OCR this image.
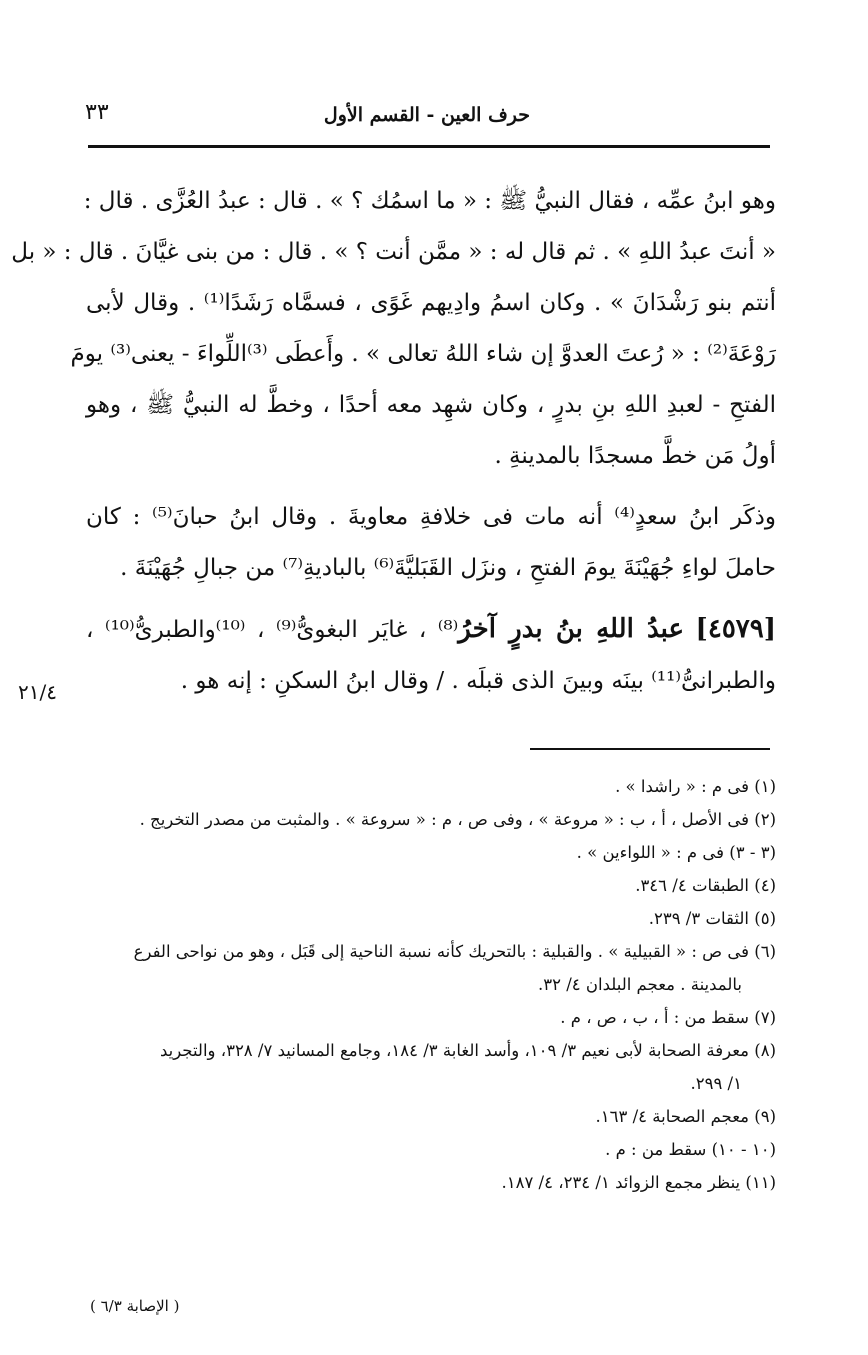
حرف العين - القسم الأول
٣٣
وهو ابنُ عمِّه ، فقال النبيُّ ﷺ : « ما اسمُك ؟ » . قال : عبدُ العُزَّى . قال :
« أنتَ عبدُ اللهِ » . ثم قال له : « ممَّن أنت ؟ » . قال : من بنى غيَّانَ . قال : « بل
أنتم بنو رَشْدَانَ » . وكان اسمُ وادِيهم غَوًى ، فسمَّاه رَشَدًا⁽¹⁾ . وقال لأبى
رَوْعَةَ⁽²⁾ : « رُعتَ العدوَّ إن شاء اللهُ تعالى » . وأَعطَى ⁽³⁾اللِّواءَ - يعنى⁽³⁾ يومَ
الفتحِ - لعبدِ اللهِ بنِ بدرٍ ، وكان شهِد معه أحدًا ، وخطَّ له النبيُّ ﷺ ، وهو
أولُ مَن خطَّ مسجدًا بالمدينةِ .
وذكَر ابنُ سعدٍ⁽⁴⁾ أنه مات فى خلافةِ معاويةَ . وقال ابنُ حبانَ⁽⁵⁾ : كان
حاملَ لواءِ جُهَيْنَةَ يومَ الفتحِ ، ونزَل القَبَليَّةَ⁽⁶⁾ بالباديةِ⁽⁷⁾ من جبالِ جُهَيْنَةَ .
[٤٥٧٩] عبدُ اللهِ بنُ بدرٍ آخرُ⁽⁸⁾ ، غايَر البغوىُّ⁽⁹⁾ ، ⁽¹⁰⁾والطبرىُّ⁽¹⁰⁾ ،
والطبرانىُّ⁽¹¹⁾ بينَه وبينَ الذى قبلَه . / وقال ابنُ السكنِ : إنه هو .
٢١/٤
(١) فى م : « راشدا » .
(٢) فى الأصل ، أ ، ب : « مروعة » ، وفى ص ، م : « سروعة » . والمثبت من مصدر التخريج .
(٣ - ٣) فى م : « اللواءين » .
(٤) الطبقات ٤/ ٣٤٦.
(٥) الثقات ٣/ ٢٣٩.
(٦) فى ص : « القبيلية » . والقبلية : بالتحريك كأنه نسبة الناحية إلى قَبَل ، وهو من نواحى الفرع
بالمدينة . معجم البلدان ٤/ ٣٢.
(٧) سقط من : أ ، ب ، ص ، م .
(٨) معرفة الصحابة لأبى نعيم ٣/ ١٠٩، وأسد الغابة ٣/ ١٨٤، وجامع المسانيد ٧/ ٣٢٨، والتجريد
١/ ٢٩٩.
(٩) معجم الصحابة ٤/ ١٦٣.
(١٠ - ١٠) سقط من : م .
(١١) ينظر مجمع الزوائد ١/ ٢٣٤، ٤/ ١٨٧.
( الإصابة ٦/٣ )
